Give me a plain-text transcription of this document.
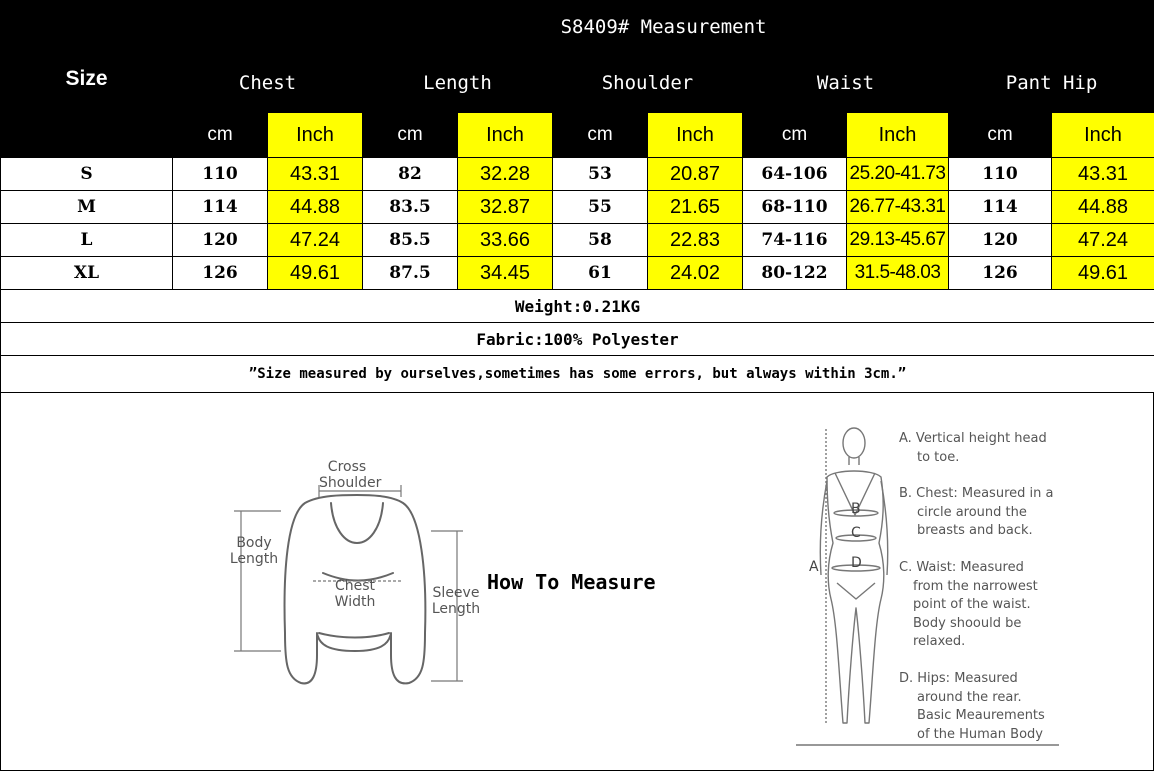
Size	S8409# Measurement									
	Chest		Length		Shoulder		Waist		Pant Hip	
	cm	Inch	cm	Inch	cm	Inch	cm	Inch	cm	Inch
S	110	43.31	82	32.28	53	20.87	64-106	25.20-41.73	110	43.31
M	114	44.88	83.5	32.87	55	21.65	68-110	26.77-43.31	114	44.88
L	120	47.24	85.5	33.66	58	22.83	74-116	29.13-45.67	120	47.24
XL	126	49.61	87.5	34.45	61	24.02	80-122	31.5-48.03	126	49.61
Weight:0.21KG										
Fabric:100% Polyester										
”Size measured by ourselves,sometimes has some errors, but always within 3cm.”										
Cross
Shoulder
Body
Length
Chest
Width
Sleeve
Length
How To Measure
B
C
D
A
A. Vertical height head
to toe.
B. Chest: Measured in a
circle around the
breasts and back.
C. Waist: Measured
from the narrowest
point of the waist.
Body shoould be
relaxed.
D. Hips: Measured
around the rear.
Basic Meaurements
of the Human Body
